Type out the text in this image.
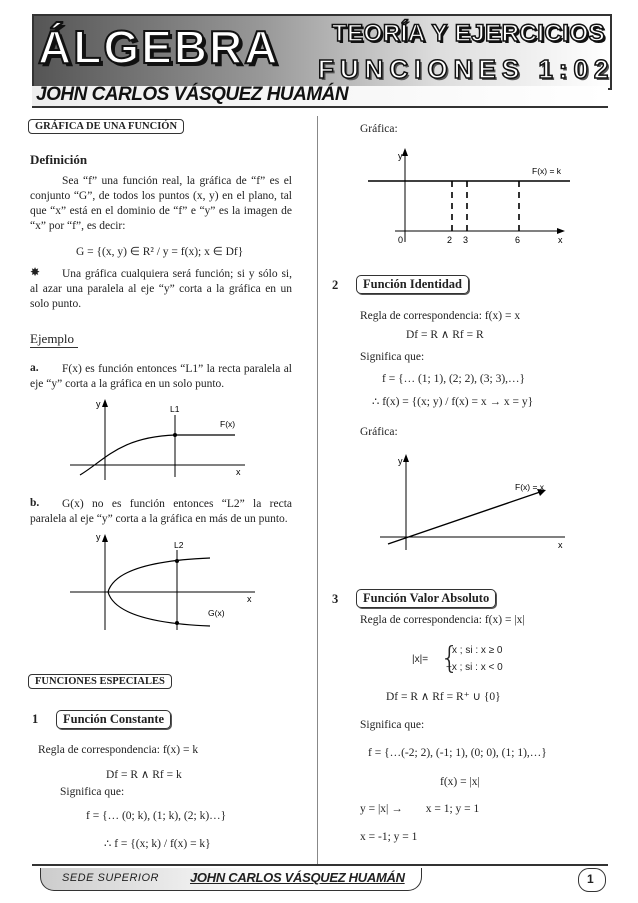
ÁLGEBRA TEORÍA Y EJERCICIOS
FUNCIONES 1:02
JOHN CARLOS VÁSQUEZ HUAMÁN
GRÁFICA DE UNA FUNCIÓN
Definición
Sea “f” una función real, la gráfica de “f” es el conjunto “G”, de todos los puntos (x, y) en el plano, tal que “x” está en el dominio de “f” e “y” es la imagen de “x” por “f”, es decir:
G = {(x, y) ∈ R² / y = f(x); x ∈ Df}
✸	Una gráfica cualquiera será función; si y sólo si, al azar una paralela al eje “y” corta a la gráfica en un solo punto.
Ejemplo
a.	F(x) es función entonces “L1” la recta paralela al eje “y” corta a la gráfica en un solo punto.
y
x
L1
F(x)
b.	G(x) no es función entonces “L2” la recta paralela al eje “y” corta a la gráfica en más de un punto.
y
x
L2
G(x)
FUNCIONES ESPECIALES
1	Función Constante
Regla de correspondencia: f(x) = k
Df = R ∧ Rf = k
Significa que:
f = {… (0; k), (1; k), (2; k)…}
∴ f = {(x; k) / f(x) = k}
Gráfica:
y
x
F(x) = k
0	2 3	6
2	Función Identidad
Regla de correspondencia: f(x) = x
Df = R ∧ Rf = R
Significa que:
f = {… (1; 1), (2; 2), (3; 3),…}
∴ f(x) = {(x; y) / f(x) = x → x = y}
Gráfica:
y
x
F(x) = x
3	Función Valor Absoluto
Regla de correspondencia: f(x) = |x|
|x|= {
x ; si : x ≥ 0
−x ; si : x < 0
Df = R ∧ Rf = R⁺ ∪ {0}
Significa que:
f = {…(-2; 2), (-1; 1), (0; 0), (1; 1),…}
f(x) = |x|
y = |x| →        x = 1; y = 1
x = -1; y = 1
SEDE SUPERIOR JOHN CARLOS VÁSQUEZ HUAMÁN	1
